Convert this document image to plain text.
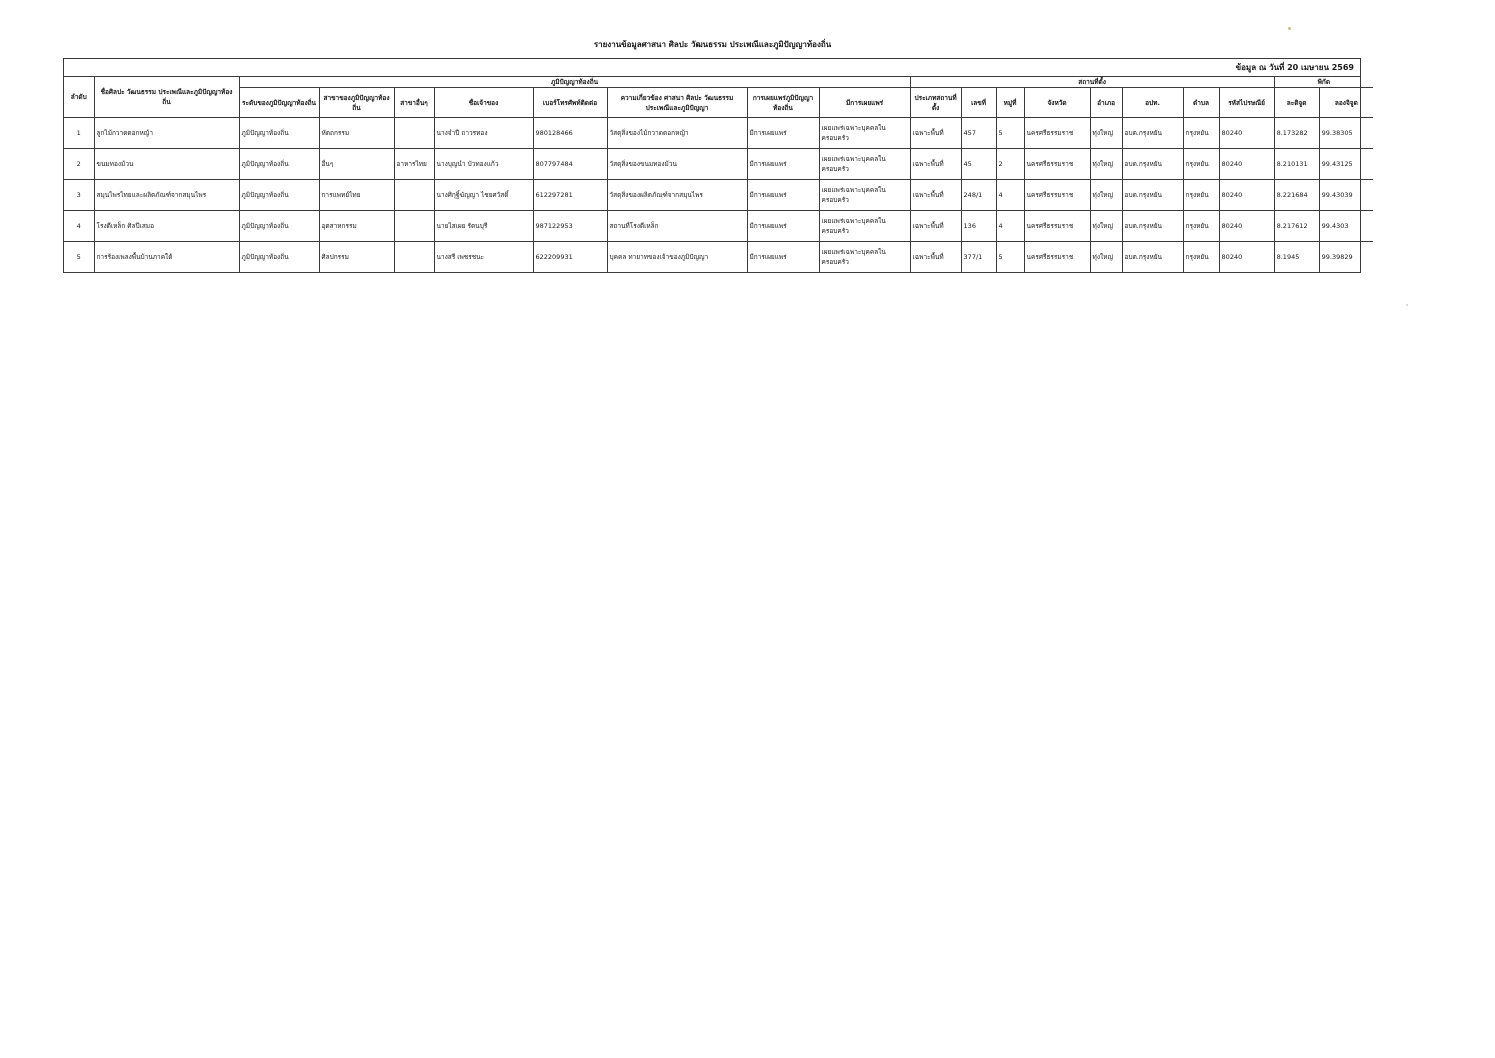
รายงานข้อมูลศาสนา ศิลปะ วัฒนธรรม ประเพณีและภูมิปัญญาท้องถิ่น
ข้อมูล ณ วันที่ 20 เมษายน 2569
ลำดับ	ชื่อศิลปะ วัฒนธรรม ประเพณีและภูมิปัญญาท้องถิ่น	ภูมิปัญญาท้องถิ่น								สถานที่ตั้ง								พิกัด	
		ระดับของภูมิปัญญาท้องถิ่น	สาขาของภูมิปัญญาท้องถิ่น	สาขาอื่นๆ	ชื่อเจ้าของ	เบอร์โทรศัพท์ติดต่อ	ความเกี่ยวข้อง ศาสนา ศิลปะ วัฒนธรรม ประเพณีและภูมิปัญญา	การเผยแพร่ภูมิปัญญาท้องถิ่น	มีการเผยแพร่	ประเภทสถานที่ตั้ง	เลขที่	หมู่ที่	จังหวัด	อำเภอ	อปท.	ตำบล	รหัสไปรษณีย์	ละติจูด	ลองจิจูด
1	ลูกไม้กวาดดอกหญ้า	ภูมิปัญญาท้องถิ่น	หัตถกรรม		นางจำปี ถาวรทอง	980128466	วัสดุสิ่งของไม้กวาดดอกหญ้า	มีการเผยแพร่	เผยแพร่เฉพาะบุคคลในครอบครัว	เฉพาะพื้นที่	457	5	นครศรีธรรมราช	ทุ่งใหญ่	อบต.กรุงหยัน	กรุงหยัน	80240	8.173282	99.38305
2	ขนมทองม้วน	ภูมิปัญญาท้องถิ่น	อื่นๆ	อาหารไทย	นางบุญนำ บัวทองแก้ว	807797484	วัสดุสิ่งของขนมทองม้วน	มีการเผยแพร่	เผยแพร่เฉพาะบุคคลในครอบครัว	เฉพาะพื้นที่	45	2	นครศรีธรรมราช	ทุ่งใหญ่	อบต.กรุงหยัน	กรุงหยัน	80240	8.210131	99.43125
3	สมุนไพรไทยและผลิตภัณฑ์จากสมุนไพร	ภูมิปัญญาท้องถิ่น	การแพทย์ไทย		นางศิกุฐิ์ฆัญญา ไชยศวัสดิ์	612297281	วัสดุสิ่งของผลิตภัณฑ์จากสมุนไพร	มีการเผยแพร่	เผยแพร่เฉพาะบุคคลในครอบครัว	เฉพาะพื้นที่	248/1	4	นครศรีธรรมราช	ทุ่งใหญ่	อบต.กรุงหยัน	กรุงหยัน	80240	8.221684	99.43039
4	โรงตีเหล็ก ศิลปีเสมอ	ภูมิปัญญาท้องถิ่น	อุตสาหกรรม		นายไสเผย รัตนบุรี	987122953	สถานที่โรงตีเหล็ก	มีการเผยแพร่	เผยแพร่เฉพาะบุคคลในครอบครัว	เฉพาะพื้นที่	136	4	นครศรีธรรมราช	ทุ่งใหญ่	อบต.กรุงหยัน	กรุงหยัน	80240	8.217612	99.4303
5	การร้องเพลงพื้นบ้านภาคใต้	ภูมิปัญญาท้องถิ่น	ศิลปกรรม		นางสรี เพชรชนะ	622209931	บุคคล ทายาทของเจ้าของภูมิปัญญา	มีการเผยแพร่	เผยแพร่เฉพาะบุคคลในครอบครัว	เฉพาะพื้นที่	377/1	5	นครศรีธรรมราช	ทุ่งใหญ่	อบต.กรุงหยัน	กรุงหยัน	80240	8.1945	99.39829
